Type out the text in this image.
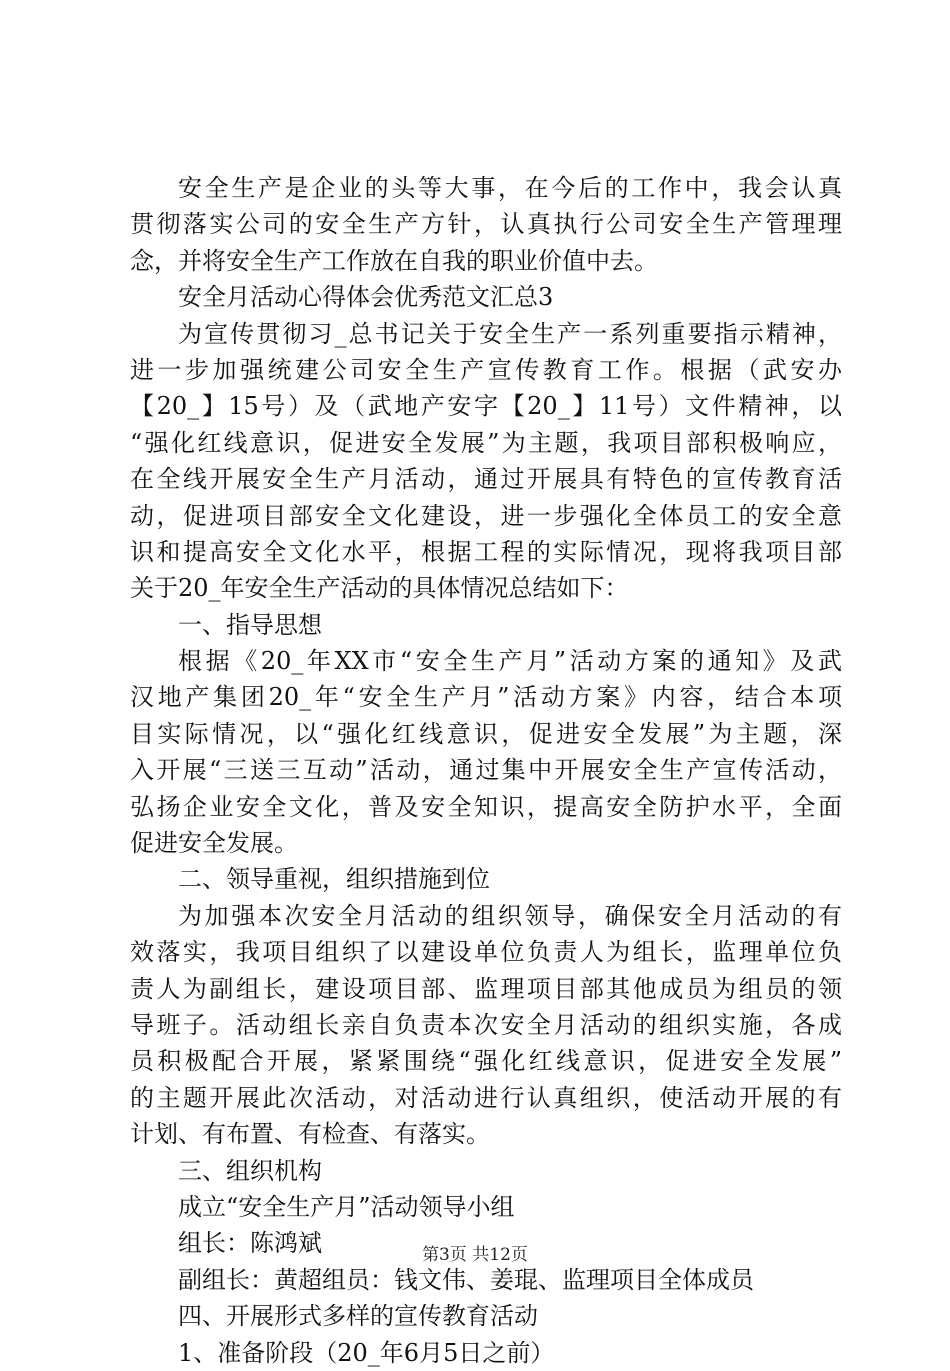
安全生产是企业的头等大事，在今后的工作中，我会认真
贯彻落实公司的安全生产方针，认真执行公司安全生产管理理
念，并将安全生产工作放在自我的职业价值中去。
安全月活动心得体会优秀范文汇总3
为宣传贯彻习_总书记关于安全生产一系列重要指示精神，
进一步加强统建公司安全生产宣传教育工作。根据（武安办
【20_】15号）及（武地产安字【20_】11号）文件精神，以
“强化红线意识，促进安全发展”为主题，我项目部积极响应，
在全线开展安全生产月活动，通过开展具有特色的宣传教育活
动，促进项目部安全文化建设，进一步强化全体员工的安全意
识和提高安全文化水平，根据工程的实际情况，现将我项目部
关于20_年安全生产活动的具体情况总结如下：
一、指导思想
根据《20_年XX市“安全生产月”活动方案的通知》及武
汉地产集团20_年“安全生产月”活动方案》内容，结合本项
目实际情况，以“强化红线意识，促进安全发展”为主题，深
入开展“三送三互动”活动，通过集中开展安全生产宣传活动，
弘扬企业安全文化，普及安全知识，提高安全防护水平，全面
促进安全发展。
二、领导重视，组织措施到位
为加强本次安全月活动的组织领导，确保安全月活动的有
效落实，我项目组织了以建设单位负责人为组长，监理单位负
责人为副组长，建设项目部、监理项目部其他成员为组员的领
导班子。活动组长亲自负责本次安全月活动的组织实施，各成
员积极配合开展，紧紧围绕“强化红线意识，促进安全发展”
的主题开展此次活动，对活动进行认真组织，使活动开展的有
计划、有布置、有检查、有落实。
三、组织机构
成立“安全生产月”活动领导小组
组长：陈鸿斌
副组长：黄超组员：钱文伟、姜琨、监理项目全体成员
四、开展形式多样的宣传教育活动
1、准备阶段（20_年6月5日之前）
第3页 共12页
